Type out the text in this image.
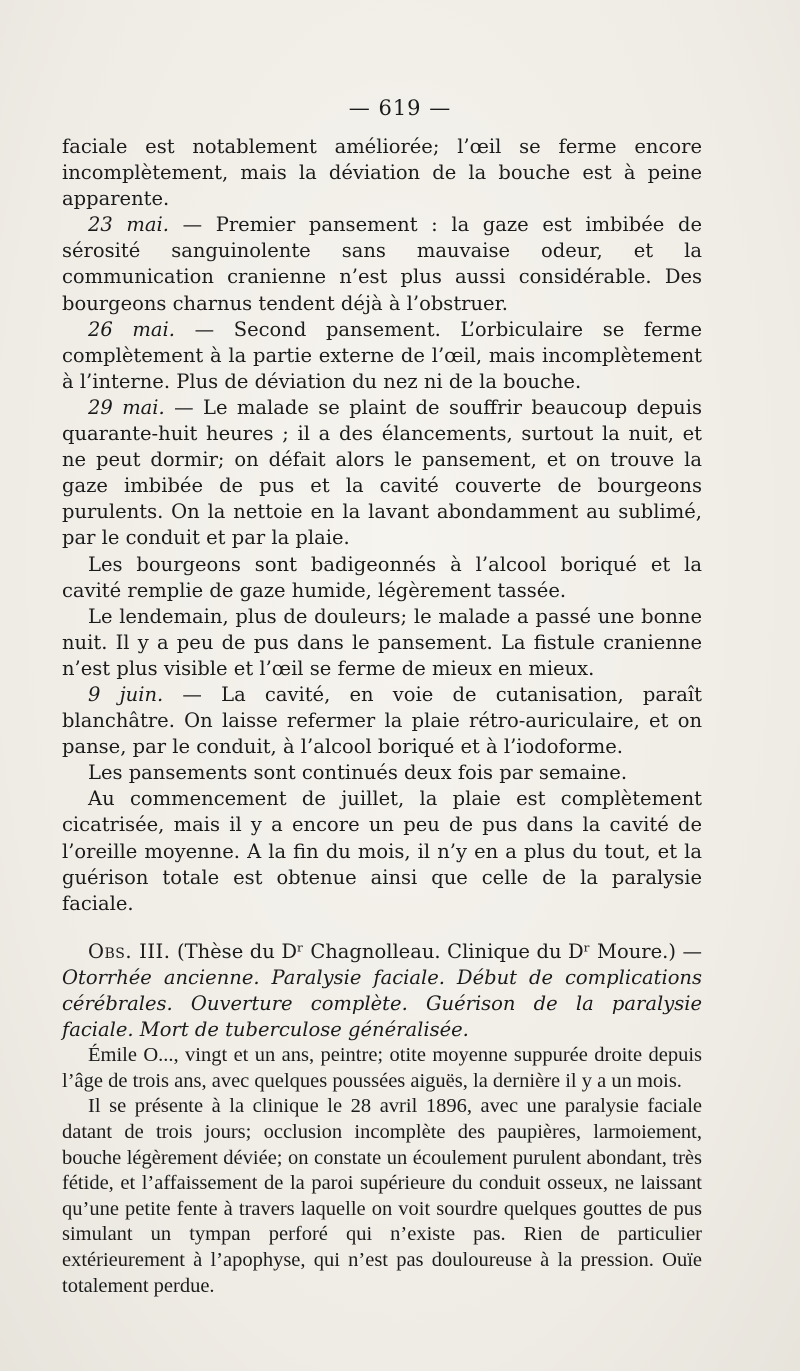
— 619 —

faciale est notablement améliorée; l’œil se ferme encore incomplètement, mais la déviation de la bouche est à peine apparente.

23 mai. — Premier pansement : la gaze est imbibée de sérosité sanguinolente sans mauvaise odeur, et la communication cranienne n’est plus aussi considérable. Des bourgeons charnus tendent déjà à l’obstruer.

26 mai. — Second pansement. L’orbiculaire se ferme complètement à la partie externe de l’œil, mais incomplètement à l’interne. Plus de déviation du nez ni de la bouche.

29 mai. — Le malade se plaint de souffrir beaucoup depuis quarante-huit heures ; il a des élancements, surtout la nuit, et ne peut dormir; on défait alors le pansement, et on trouve la gaze imbibée de pus et la cavité couverte de bourgeons purulents. On la nettoie en la lavant abondamment au sublimé, par le conduit et par la plaie.

Les bourgeons sont badigeonnés à l’alcool boriqué et la cavité remplie de gaze humide, légèrement tassée.

Le lendemain, plus de douleurs; le malade a passé une bonne nuit. Il y a peu de pus dans le pansement. La fistule cranienne n’est plus visible et l’œil se ferme de mieux en mieux.

9 juin. — La cavité, en voie de cutanisation, paraît blanchâtre. On laisse refermer la plaie rétro-auriculaire, et on panse, par le conduit, à l’alcool boriqué et à l’iodoforme.

Les pansements sont continués deux fois par semaine.

Au commencement de juillet, la plaie est complètement cicatrisée, mais il y a encore un peu de pus dans la cavité de l’oreille moyenne. A la fin du mois, il n’y en a plus du tout, et la guérison totale est obtenue ainsi que celle de la paralysie faciale.

Obs. III. (Thèse du Dʳ Chagnolleau. Clinique du Dʳ Moure.) — Otorrhée ancienne. Paralysie faciale. Début de complications cérébrales. Ouverture complète. Guérison de la paralysie faciale. Mort de tuberculose généralisée.

Émile O..., vingt et un ans, peintre; otite moyenne suppurée droite depuis l’âge de trois ans, avec quelques poussées aiguës, la dernière il y a un mois.

Il se présente à la clinique le 28 avril 1896, avec une paralysie faciale datant de trois jours; occlusion incomplète des paupières, larmoiement, bouche légèrement déviée; on constate un écoulement purulent abondant, très fétide, et l’affaissement de la paroi supérieure du conduit osseux, ne laissant qu’une petite fente à travers laquelle on voit sourdre quelques gouttes de pus simulant un tympan perforé qui n’existe pas. Rien de particulier extérieurement à l’apophyse, qui n’est pas douloureuse à la pression. Ouïe totalement perdue.
